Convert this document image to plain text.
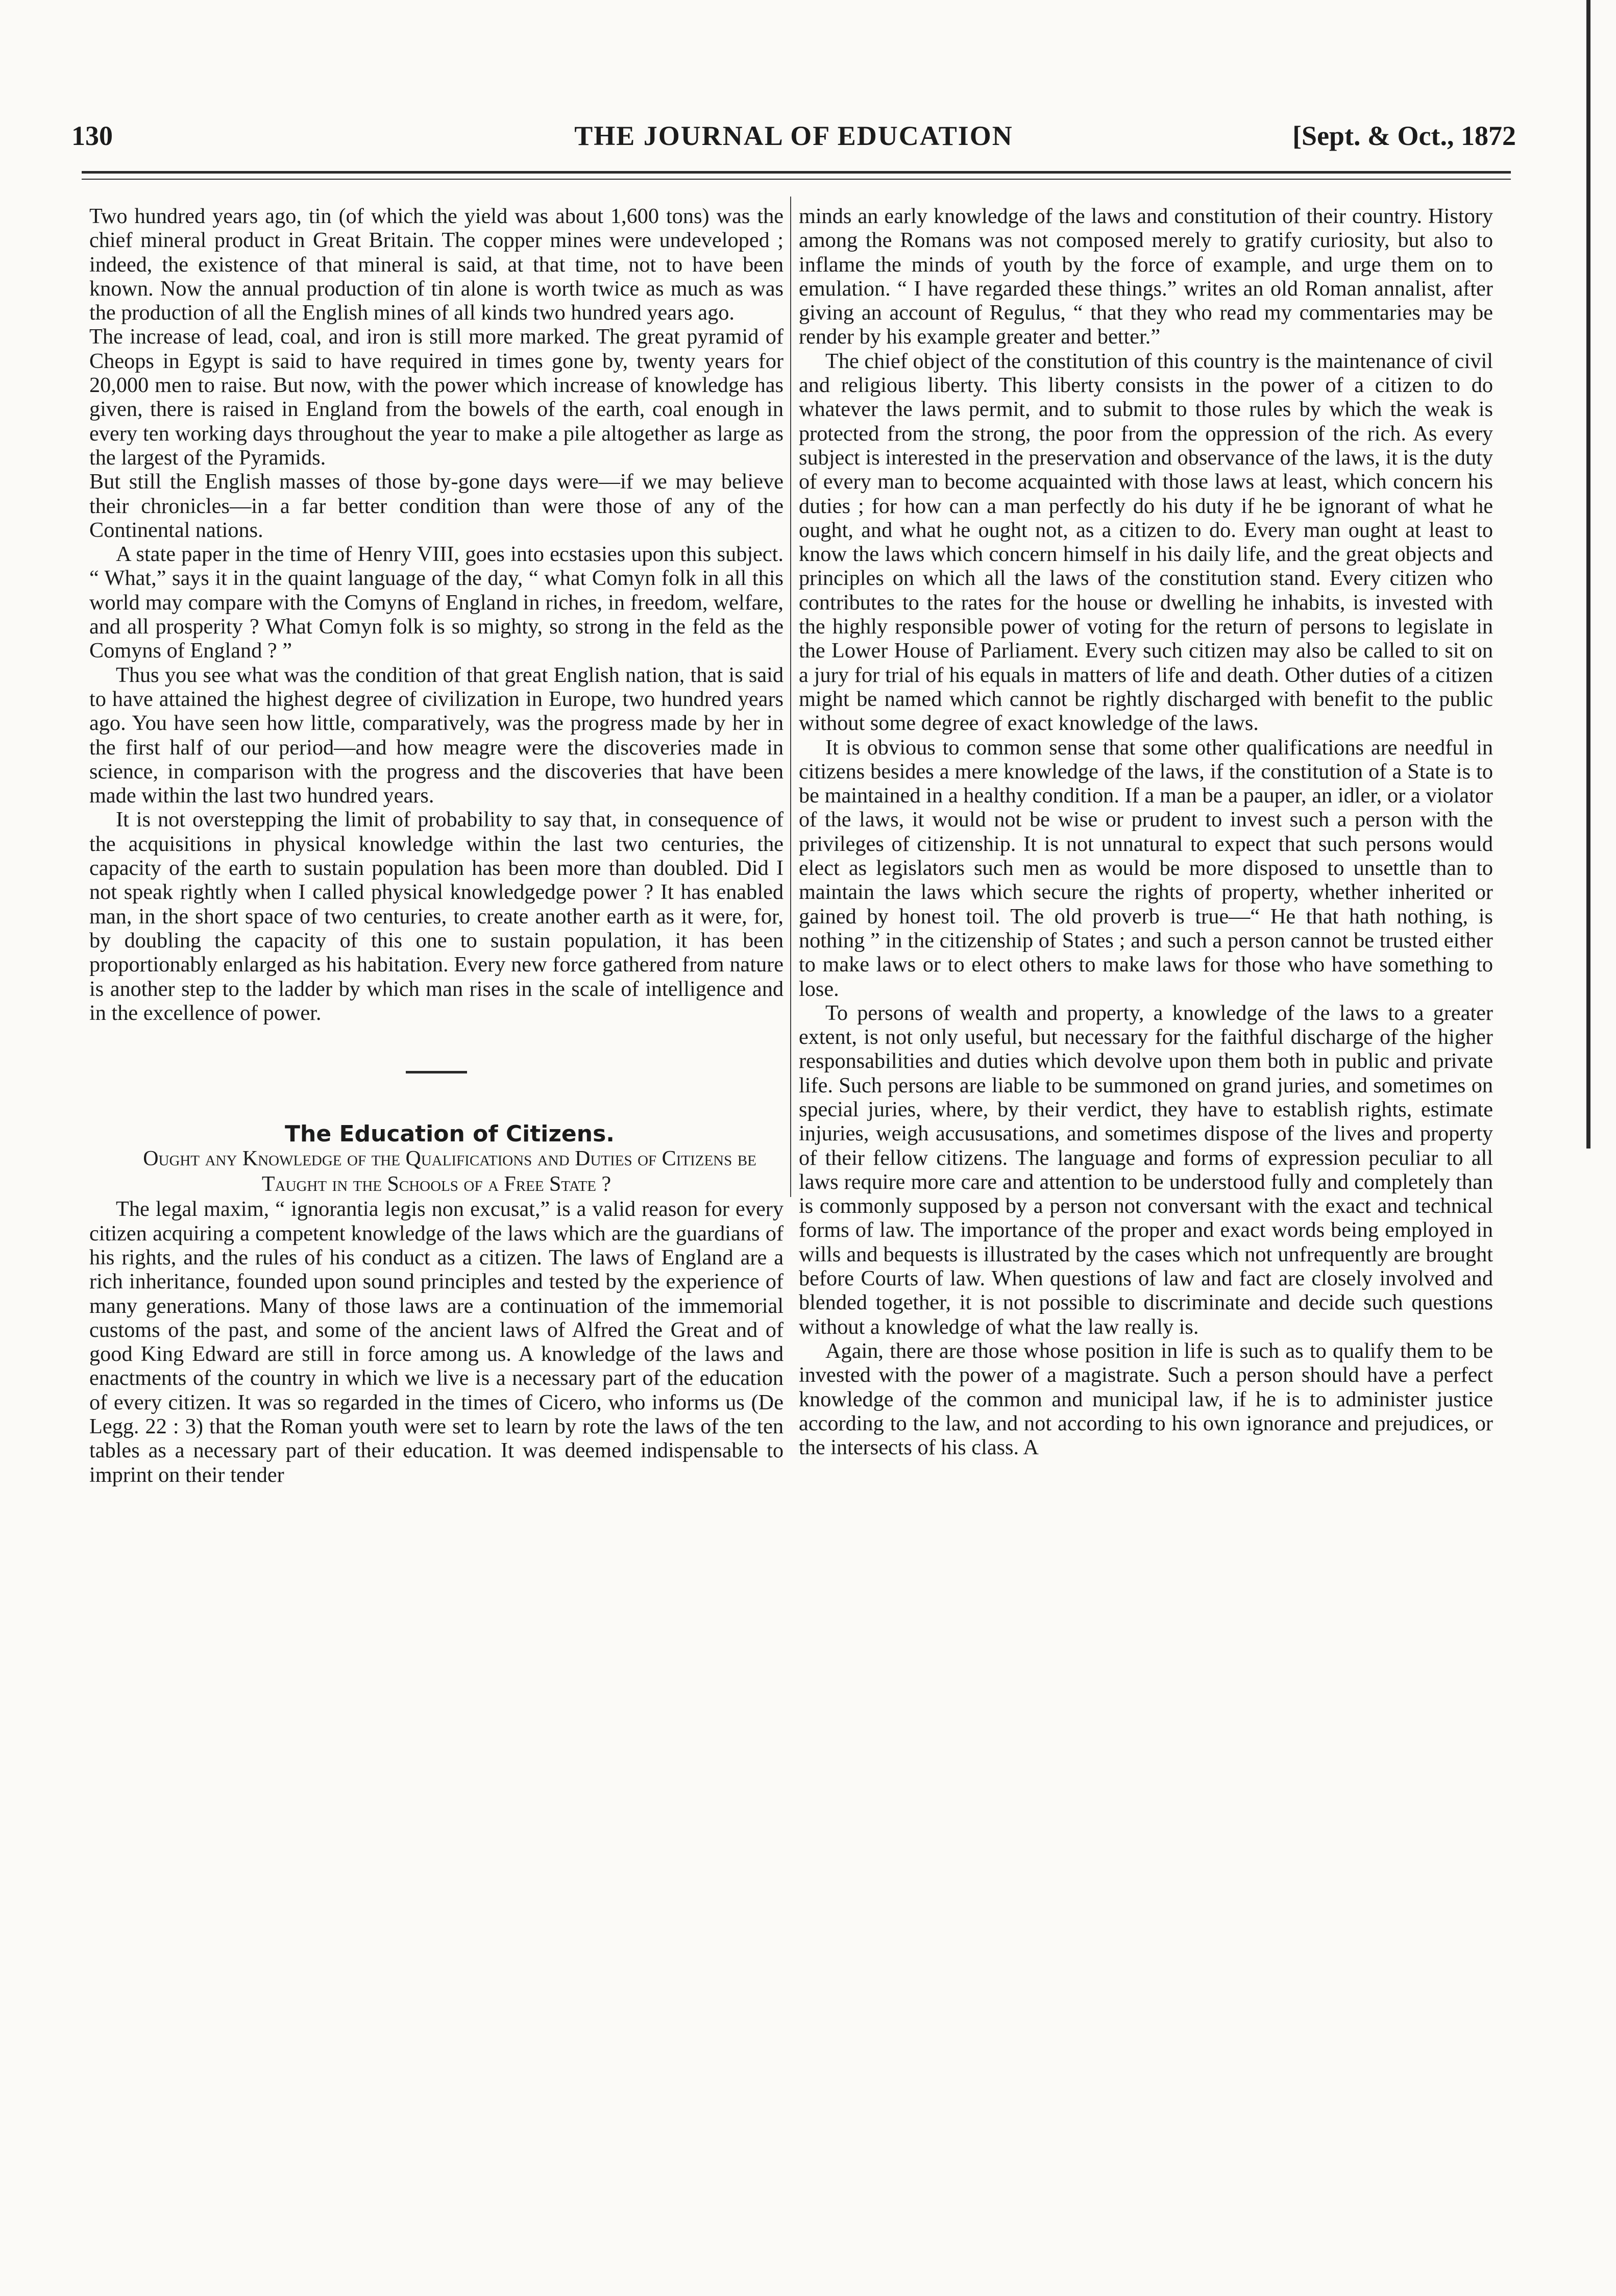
130	THE JOURNAL OF EDUCATION	[Sept. & Oct., 1872

Two hundred years ago, tin (of which the yield was about 1,600 tons) was the chief mineral product in Great Britain. The copper mines were undeveloped ; indeed, the existence of that mineral is said, at that time, not to have been known. Now the annual production of tin alone is worth twice as much as was the production of all the English mines of all kinds two hundred years ago.

The increase of lead, coal, and iron is still more marked. The great pyramid of Cheops in Egypt is said to have required in times gone by, twenty years for 20,000 men to raise. But now, with the power which increase of knowledge has given, there is raised in England from the bowels of the earth, coal enough in every ten working days throughout the year to make a pile altogether as large as the largest of the Pyramids.

But still the English masses of those by-gone days were—if we may believe their chronicles—in a far better condition than were those of any of the Continental nations.

A state paper in the time of Henry VIII, goes into ecstasies upon this subject. “ What,” says it in the quaint language of the day, “ what Comyn folk in all this world may compare with the Comyns of England in riches, in freedom, welfare, and all prosperity ? What Comyn folk is so mighty, so strong in the feld as the Comyns of England ? ”

Thus you see what was the condition of that great English nation, that is said to have attained the highest degree of civilization in Europe, two hundred years ago. You have seen how little, comparatively, was the progress made by her in the first half of our period—and how meagre were the discoveries made in science, in comparison with the progress and the discoveries that have been made within the last two hundred years.

It is not overstepping the limit of probability to say that, in consequence of the acquisitions in physical knowledge within the last two centuries, the capacity of the earth to sustain population has been more than doubled. Did I not speak rightly when I called physical knowledgedge power ? It has enabled man, in the short space of two centuries, to create another earth as it were, for, by doubling the capacity of this one to sustain population, it has been proportionably enlarged as his habitation. Every new force gathered from nature is another step to the ladder by which man rises in the scale of intelligence and in the excellence of power.

The Education of Citizens.

Ought any Knowledge of the Qualifications and Duties of Citizens be Taught in the Schools of a Free State ?

The legal maxim, “ ignorantia legis non excusat,” is a valid reason for every citizen acquiring a competent knowledge of the laws which are the guardians of his rights, and the rules of his conduct as a citizen. The laws of England are a rich inheritance, founded upon sound principles and tested by the experience of many generations. Many of those laws are a continuation of the immemorial customs of the past, and some of the ancient laws of Alfred the Great and of good King Edward are still in force among us. A knowledge of the laws and enactments of the country in which we live is a necessary part of the education of every citizen. It was so regarded in the times of Cicero, who informs us (De Legg. 22 : 3) that the Roman youth were set to learn by rote the laws of the ten tables as a necessary part of their education. It was deemed indispensable to imprint on their tender

minds an early knowledge of the laws and constitution of their country. History among the Romans was not composed merely to gratify curiosity, but also to inflame the minds of youth by the force of example, and urge them on to emulation. “ I have regarded these things.” writes an old Roman annalist, after giving an account of Regulus, “ that they who read my commentaries may be render by his example greater and better.”

The chief object of the constitution of this country is the maintenance of civil and religious liberty. This liberty consists in the power of a citizen to do whatever the laws permit, and to submit to those rules by which the weak is protected from the strong, the poor from the oppression of the rich. As every subject is interested in the preservation and observance of the laws, it is the duty of every man to become acquainted with those laws at least, which concern his duties ; for how can a man perfectly do his duty if he be ignorant of what he ought, and what he ought not, as a citizen to do. Every man ought at least to know the laws which concern himself in his daily life, and the great objects and principles on which all the laws of the constitution stand. Every citizen who contributes to the rates for the house or dwelling he inhabits, is invested with the highly responsible power of voting for the return of persons to legislate in the Lower House of Parliament. Every such citizen may also be called to sit on a jury for trial of his equals in matters of life and death. Other duties of a citizen might be named which cannot be rightly discharged with benefit to the public without some degree of exact knowledge of the laws.

It is obvious to common sense that some other qualifications are needful in citizens besides a mere knowledge of the laws, if the constitution of a State is to be maintained in a healthy condition. If a man be a pauper, an idler, or a violator of the laws, it would not be wise or prudent to invest such a person with the privileges of citizenship. It is not unnatural to expect that such persons would elect as legislators such men as would be more disposed to unsettle than to maintain the laws which secure the rights of property, whether inherited or gained by honest toil. The old proverb is true—“ He that hath nothing, is nothing ” in the citizenship of States ; and such a person cannot be trusted either to make laws or to elect others to make laws for those who have something to lose.

To persons of wealth and property, a knowledge of the laws to a greater extent, is not only useful, but necessary for the faithful discharge of the higher responsabilities and duties which devolve upon them both in public and private life. Such persons are liable to be summoned on grand juries, and sometimes on special juries, where, by their verdict, they have to establish rights, estimate injuries, weigh accususations, and sometimes dispose of the lives and property of their fellow citizens. The language and forms of expression peculiar to all laws require more care and attention to be understood fully and completely than is commonly supposed by a person not conversant with the exact and technical forms of law. The importance of the proper and exact words being employed in wills and bequests is illustrated by the cases which not unfrequently are brought before Courts of law. When questions of law and fact are closely involved and blended together, it is not possible to discriminate and decide such questions without a knowledge of what the law really is.

Again, there are those whose position in life is such as to qualify them to be invested with the power of a magistrate. Such a person should have a perfect knowledge of the common and municipal law, if he is to administer justice according to the law, and not according to his own ignorance and prejudices, or the intersects of his class. A
